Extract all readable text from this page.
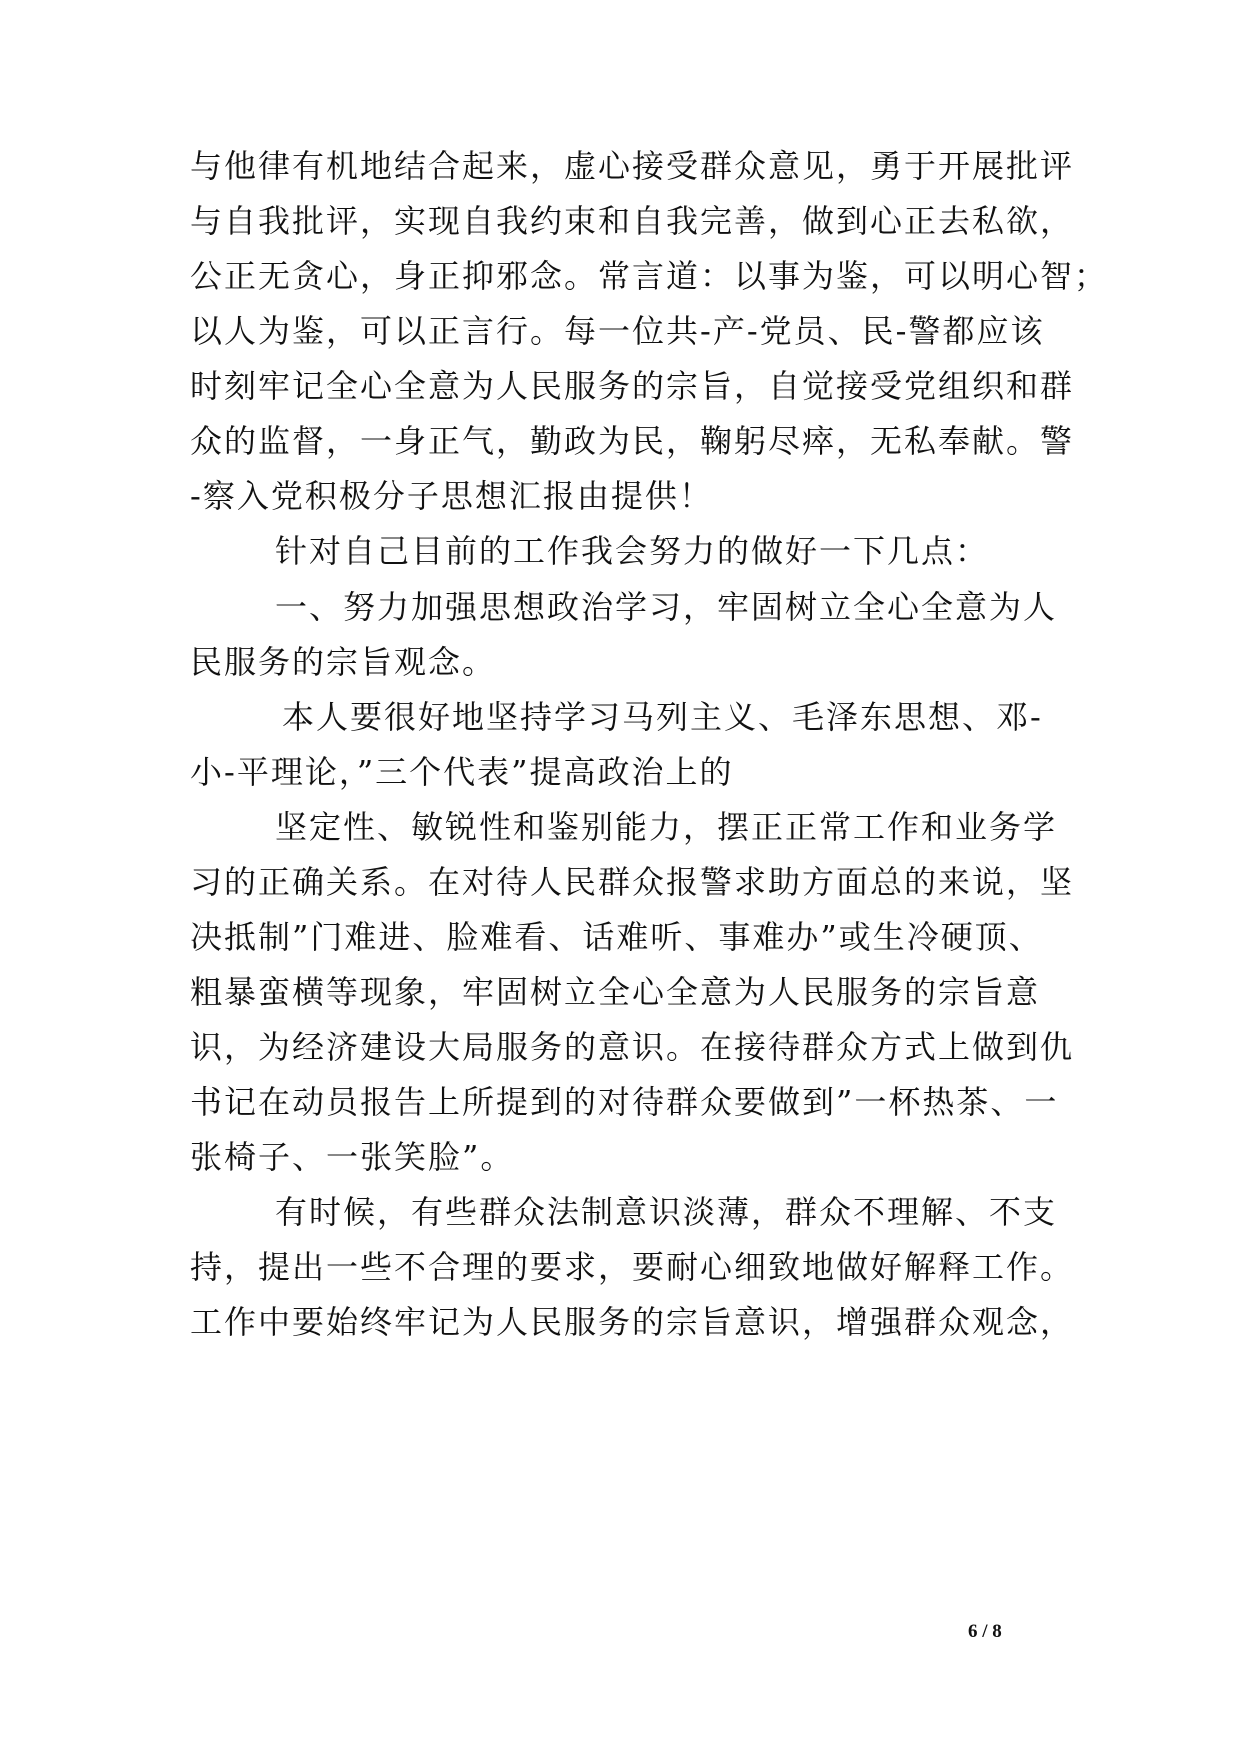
与他律有机地结合起来，虚心接受群众意见，勇于开展批评
与自我批评，实现自我约束和自我完善，做到心正去私欲，
公正无贪心，身正抑邪念。常言道：以事为鉴，可以明心智；
以人为鉴，可以正言行。每一位共-产-党员、民-警都应该
时刻牢记全心全意为人民服务的宗旨，自觉接受党组织和群
众的监督，一身正气，勤政为民，鞠躬尽瘁，无私奉献。警
-察入党积极分子思想汇报由提供！
针对自己目前的工作我会努力的做好一下几点：
一、努力加强思想政治学习，牢固树立全心全意为人
民服务的宗旨观念。
本人要很好地坚持学习马列主义、毛泽东思想、邓-
小-平理论，”三个代表”提高政治上的
坚定性、敏锐性和鉴别能力，摆正正常工作和业务学
习的正确关系。在对待人民群众报警求助方面总的来说，坚
决抵制”门难进、脸难看、话难听、事难办”或生冷硬顶、
粗暴蛮横等现象，牢固树立全心全意为人民服务的宗旨意
识，为经济建设大局服务的意识。在接待群众方式上做到仇
书记在动员报告上所提到的对待群众要做到”一杯热茶、一
张椅子、一张笑脸”。
有时候，有些群众法制意识淡薄，群众不理解、不支
持，提出一些不合理的要求，要耐心细致地做好解释工作。
工作中要始终牢记为人民服务的宗旨意识，增强群众观念，
6 / 8
